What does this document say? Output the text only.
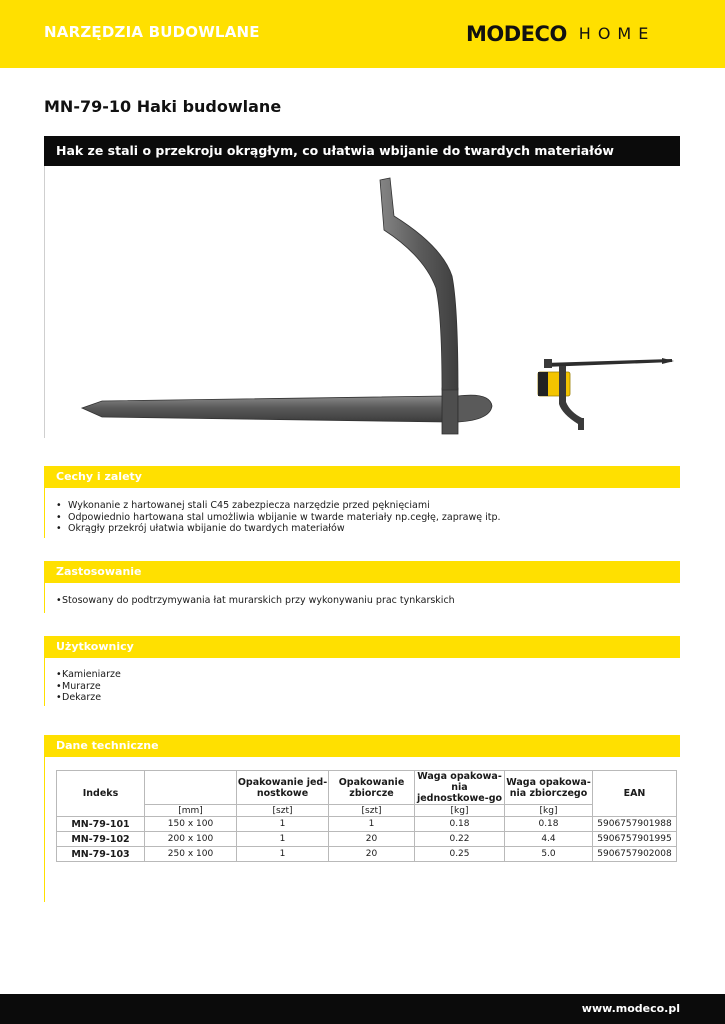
NARZĘDZIA BUDOWLANE	MODECO HOME
MN-79-10 Haki budowlane
Hak ze stali o przekroju okrągłym, co ułatwia wbijanie do twardych materiałów
Cechy i zalety
• Wykonanie z hartowanej stali C45 zabezpiecza narzędzie przed pęknięciami
• Odpowiednio hartowana stal umożliwia wbijanie w twarde materiały np.cegłę, zaprawę itp.
• Okrągły przekrój ułatwia wbijanie do twardych materiałów
Zastosowanie
• Stosowany do podtrzymywania łat murarskich przy wykonywaniu prac tynkarskich
Użytkownicy
• Kamieniarze
• Murarze
• Dekarze
Dane techniczne
Indeks		Opakowanie jed-nostkowe	Opakowanie zbiorcze	Waga opakowa-nia jednostkowe-go	Waga opakowa-nia zbiorczego	EAN
	[mm]	[szt]	[szt]	[kg]	[kg]	
MN-79-101	150 x 100	1	1	0.18	0.18	5906757901988
MN-79-102	200 x 100	1	20	0.22	4.4	5906757901995
MN-79-103	250 x 100	1	20	0.25	5.0	5906757902008
www.modeco.pl
